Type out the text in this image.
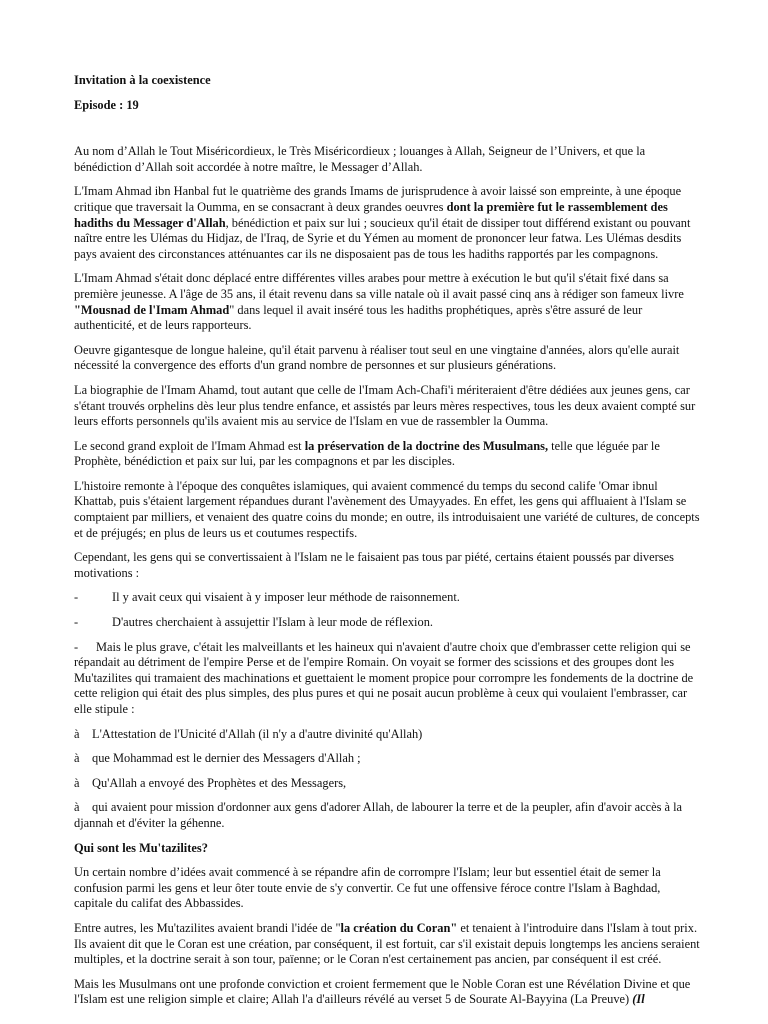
Invitation à la coexistence
Episode : 19

Au nom d’Allah le Tout Miséricordieux, le Très Miséricordieux ; louanges à Allah, Seigneur de l’Univers, et que la bénédiction d’Allah soit accordée à notre maître, le Messager d’Allah.

L'Imam Ahmad ibn Hanbal fut le quatrième des grands Imams de jurisprudence à avoir laissé son empreinte, à une époque critique que traversait la Oumma, en se consacrant à deux grandes oeuvres dont la première fut le rassemblement des hadiths du Messager d'Allah, bénédiction et paix sur lui ; soucieux qu'il était de dissiper tout différend existant ou pouvant naître entre les Ulémas du Hidjaz, de l'Iraq, de Syrie et du Yémen au moment de prononcer leur fatwa. Les Ulémas desdits pays avaient des circonstances atténuantes car ils ne disposaient pas de tous les hadiths rapportés par les compagnons.

L'Imam Ahmad s'était donc déplacé entre différentes villes arabes pour mettre à exécution le but qu'il s'était fixé dans sa première jeunesse. A l'âge de 35 ans, il était revenu dans sa ville natale où il avait passé cinq ans à rédiger son fameux livre "Mousnad de l'Imam Ahmad" dans lequel il avait inséré tous les hadiths prophétiques, après s'être assuré de leur authenticité, et de leurs rapporteurs.

Oeuvre gigantesque de longue haleine, qu'il était parvenu à réaliser tout seul en une vingtaine d'années, alors qu'elle aurait nécessité la convergence des efforts d'un grand nombre de personnes et sur plusieurs générations.

La biographie de l'Imam Ahamd, tout autant que celle de l'Imam Ach-Chafi'i mériteraient d'être dédiées aux jeunes gens, car s'étant trouvés orphelins dès leur plus tendre enfance, et assistés par leurs mères respectives, tous les deux avaient compté sur leurs efforts personnels qu'ils avaient mis au service de l'Islam en vue de rassembler la Oumma.

Le second grand exploit de l'Imam Ahmad est la préservation de la doctrine des Musulmans, telle que léguée par le Prophète, bénédiction et paix sur lui, par les compagnons et par les disciples.

L'histoire remonte à l'époque des conquêtes islamiques, qui avaient commencé du temps du second calife 'Omar ibnul Khattab, puis s'étaient largement répandues durant l'avènement des Umayyades. En effet, les gens qui affluaient à l'Islam se comptaient par milliers, et venaient des quatre coins du monde; en outre, ils introduisaient une variété de cultures, de concepts et de préjugés; en plus de leurs us et coutumes respectifs.

Cependant, les gens qui se convertissaient à l'Islam ne le faisaient pas tous par piété, certains étaient poussés par diverses motivations :

-	Il y avait ceux qui visaient à y imposer leur méthode de raisonnement.
-	D'autres cherchaient à assujettir l'Islam à leur mode de réflexion.
- Mais le plus grave, c'était les malveillants et les haineux qui n'avaient d'autre choix que d'embrasser cette religion qui se répandait au détriment de l'empire Perse et de l'empire Romain. On voyait se former des scissions et des groupes dont les Mu'tazilites qui tramaient des machinations et guettaient le moment propice pour corrompre les fondements de la doctrine de cette religion qui était des plus simples, des plus pures et qui ne posait aucun problème à ceux qui voulaient l'embrasser, car elle stipule :
à L'Attestation de l'Unicité d'Allah (il n'y a d'autre divinité qu'Allah)
à que Mohammad est le dernier des Messagers d'Allah ;
à Qu'Allah a envoyé des Prophètes et des Messagers,
à qui avaient pour mission d'ordonner aux gens d'adorer Allah, de labourer la terre et de la peupler, afin d'avoir accès à la djannah et d'éviter la géhenne.

Qui sont les Mu'tazilites?

Un certain nombre d’idées avait commencé à se répandre afin de corrompre l'Islam; leur but essentiel était de semer la confusion parmi les gens et leur ôter toute envie de s'y convertir. Ce fut une offensive féroce contre l'Islam à Baghdad, capitale du califat des Abbassides.

Entre autres, les Mu'tazilites avaient brandi l'idée de "la création du Coran" et tenaient à l'introduire dans l'Islam à tout prix. Ils avaient dit que le Coran est une création, par conséquent, il est fortuit, car s'il existait depuis longtemps les anciens seraient multiples, et la doctrine serait à son tour, païenne; or le Coran n'est certainement pas ancien, par conséquent il est créé.

Mais les Musulmans ont une profonde conviction et croient fermement que le Noble Coran est une Révélation Divine et que l'Islam est une religion simple et claire; Allah l'a d'ailleurs révélé au verset 5 de Sourate Al-Bayyina (La Preuve) (Il
